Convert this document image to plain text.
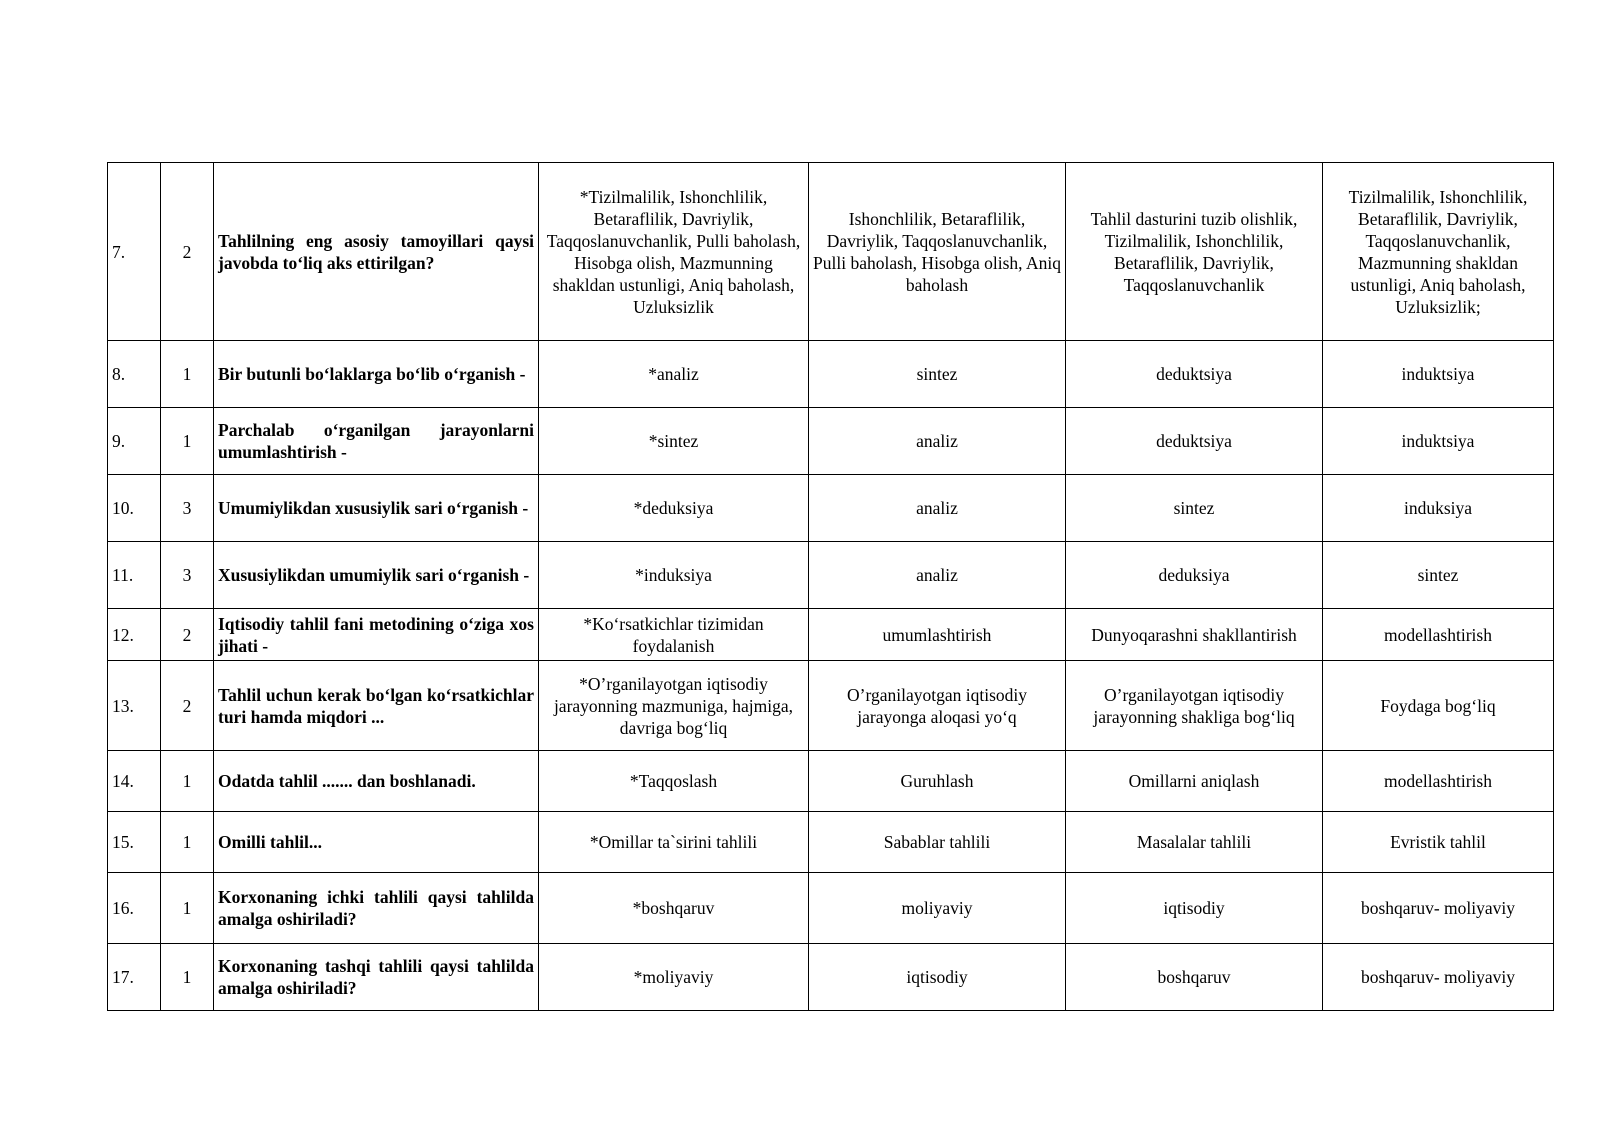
7.	2	Tahlilning eng asosiy tamoyillari qaysi javobda to‘liq aks ettirilgan?	*Tizilmalilik, Ishonchlilik, Betaraflilik, Davriylik, Taqqoslanuvchanlik, Pulli baholash, Hisobga olish, Mazmunning shakldan ustunligi, Aniq baholash, Uzluksizlik	Ishonchlilik, Betaraflilik, Davriylik, Taqqoslanuvchanlik, Pulli baholash, Hisobga olish, Aniq baholash	Tahlil dasturini tuzib olishlik, Tizilmalilik, Ishonchlilik, Betaraflilik, Davriylik, Taqqoslanuvchanlik	Tizilmalilik, Ishonchlilik, Betaraflilik, Davriylik, Taqqoslanuvchanlik, Mazmunning shakldan ustunligi, Aniq baholash, Uzluksizlik;
8.	1	Bir butunli bo‘laklarga bo‘lib o‘rganish -	*analiz	sintez	deduktsiya	induktsiya
9.	1	Parchalab o‘rganilgan jarayonlarni umumlashtirish -	*sintez	analiz	deduktsiya	induktsiya
10.	3	Umumiylikdan xususiylik sari o‘rganish -	*deduksiya	analiz	sintez	induksiya
11.	3	Xususiylikdan umumiylik sari o‘rganish -	*induksiya	analiz	deduksiya	sintez
12.	2	Iqtisodiy tahlil fani metodining o‘ziga xos jihati -	*Ko‘rsatkichlar tizimidan foydalanish	umumlashtirish	Dunyoqarashni shakllantirish	modellashtirish
13.	2	Tahlil uchun kerak bo‘lgan ko‘rsatkichlar turi hamda miqdori ...	*O’rganilayotgan iqtisodiy jarayonning mazmuniga, hajmiga, davriga bog‘liq	O’rganilayotgan iqtisodiy jarayonga aloqasi yo‘q	O’rganilayotgan iqtisodiy jarayonning shakliga bog‘liq	Foydaga bog‘liq
14.	1	Odatda tahlil ....... dan boshlanadi.	*Taqqoslash	Guruhlash	Omillarni aniqlash	modellashtirish
15.	1	Omilli tahlil...	*Omillar ta`sirini tahlili	Sabablar tahlili	Masalalar tahlili	Evristik tahlil
16.	1	Korxonaning ichki tahlili qaysi tahlilda amalga oshiriladi?	*boshqaruv	moliyaviy	iqtisodiy	boshqaruv- moliyaviy
17.	1	Korxonaning tashqi tahlili qaysi tahlilda amalga oshiriladi?	*moliyaviy	iqtisodiy	boshqaruv	boshqaruv- moliyaviy
